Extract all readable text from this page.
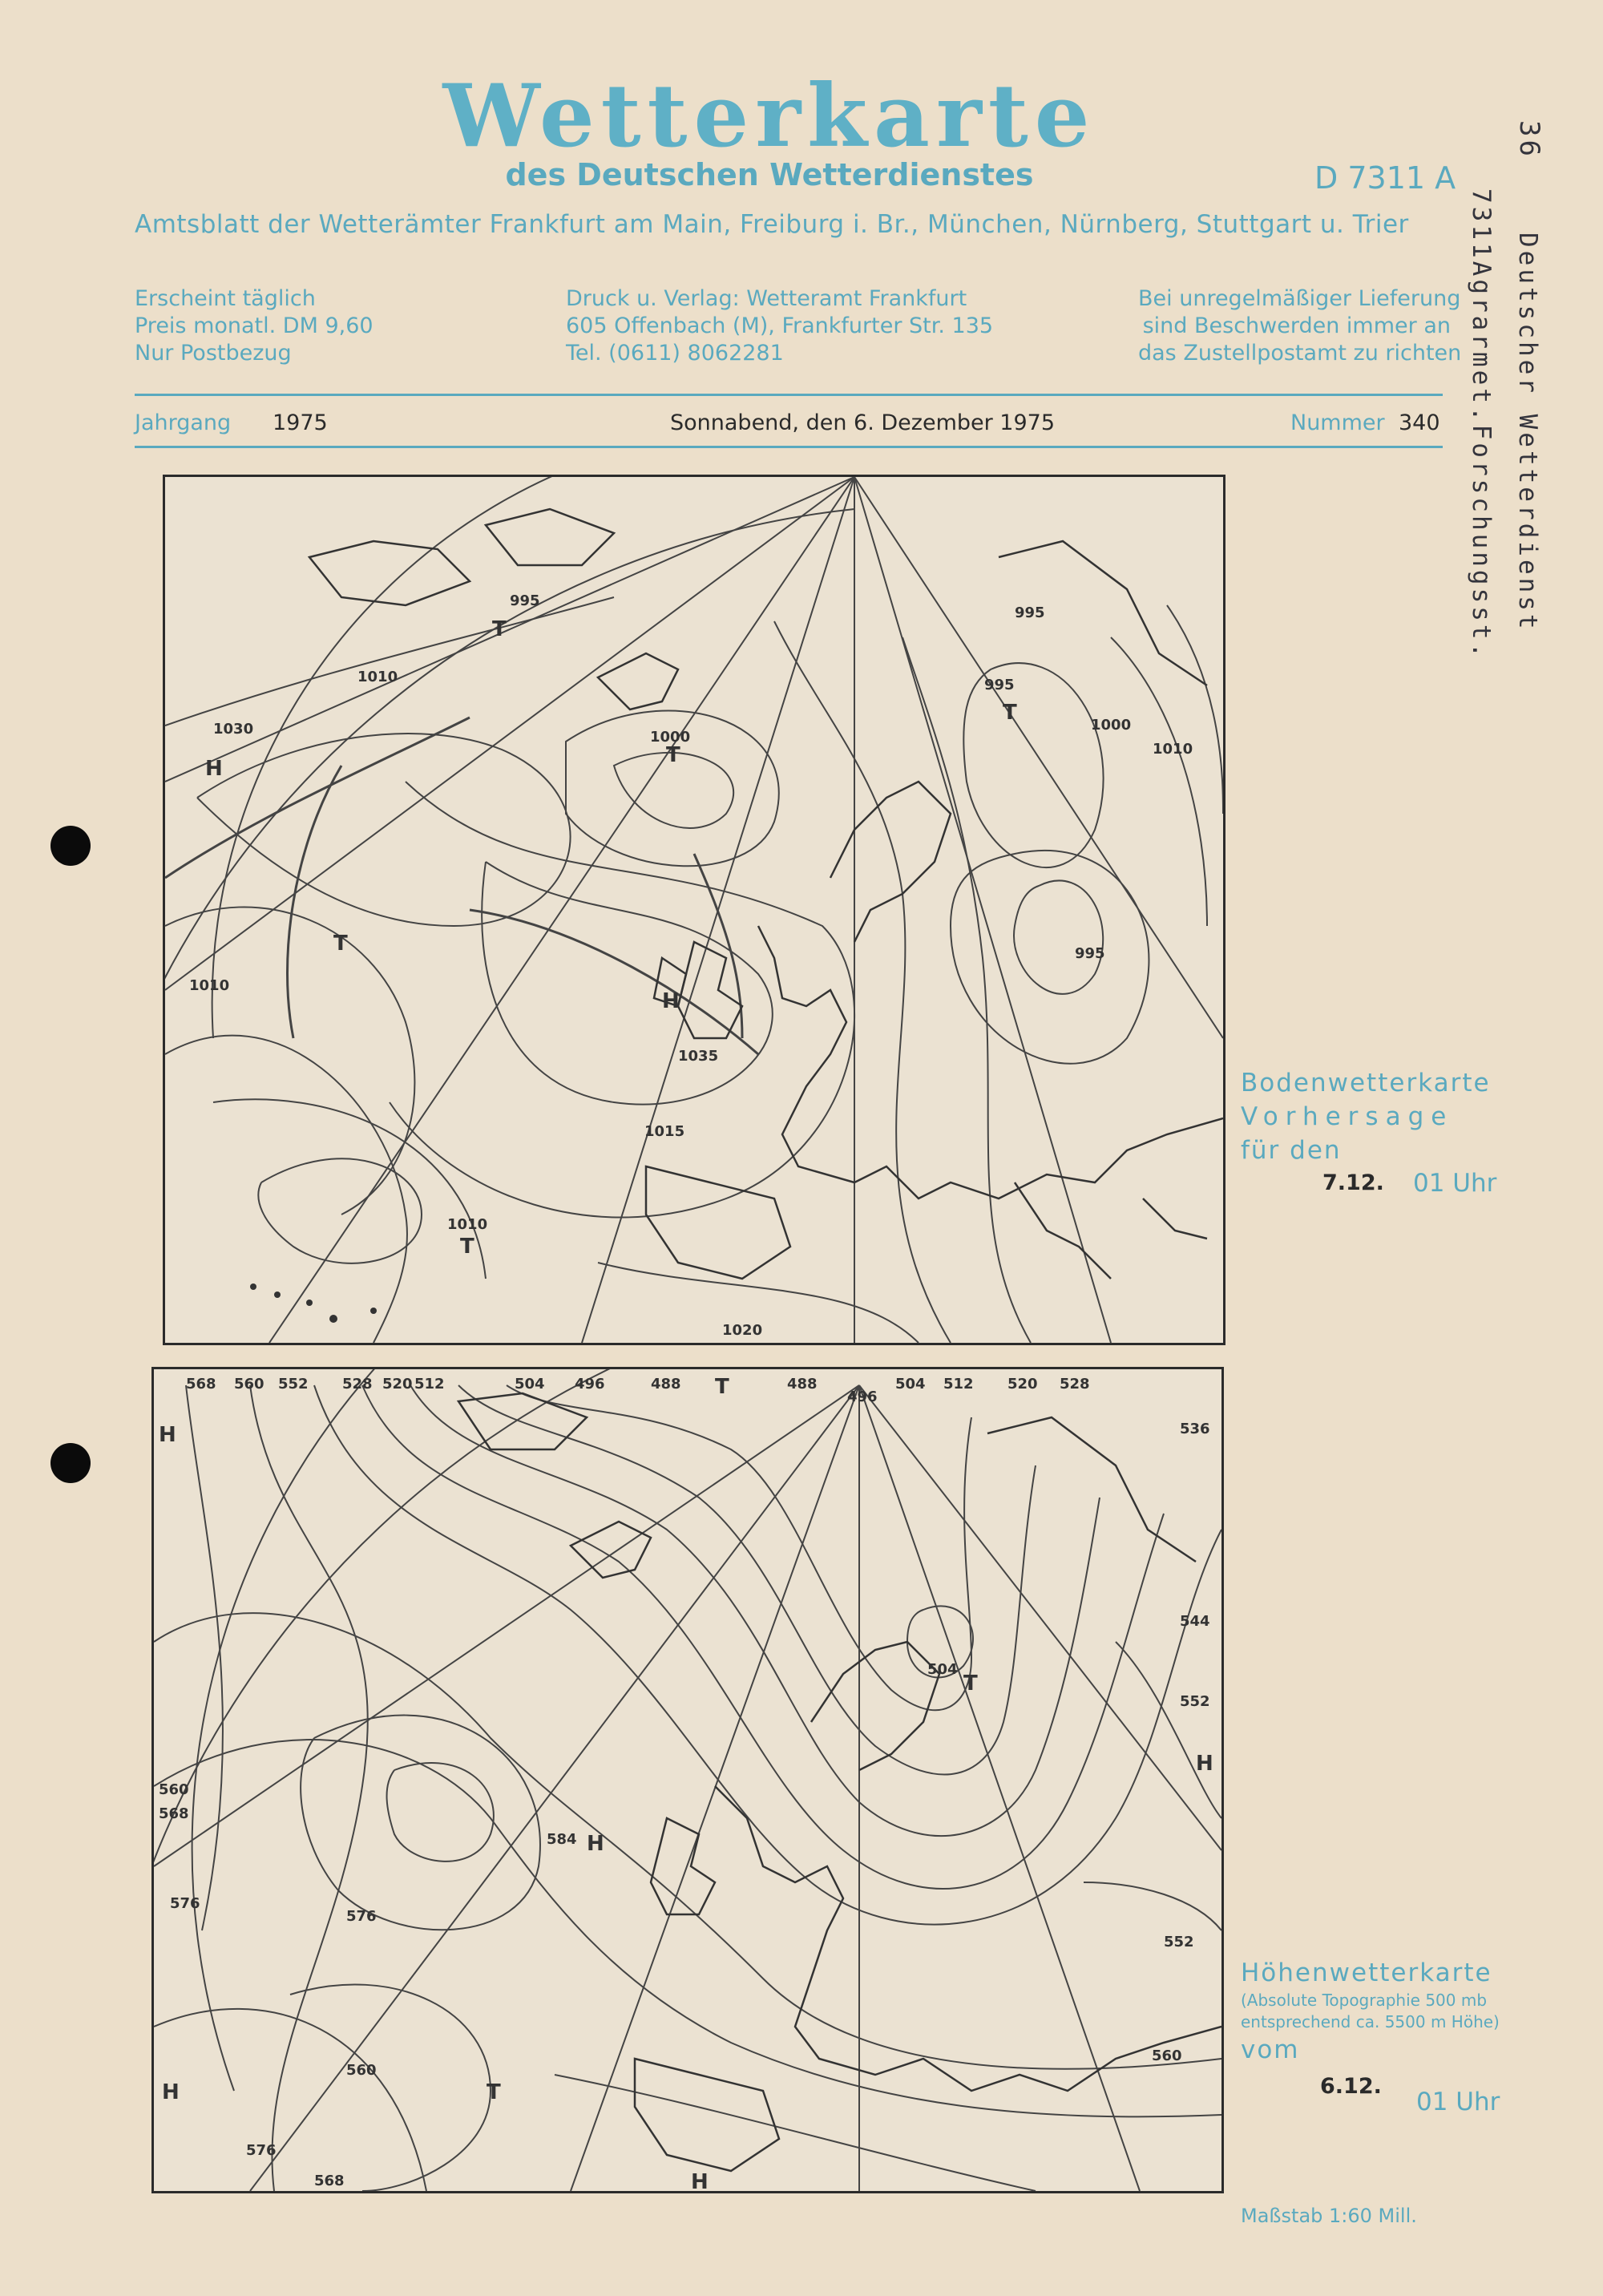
Wetterkarte
des Deutschen Wetterdienstes	D 7311 A
Amtsblatt der Wetterämter Frankfurt am Main, Freiburg i. Br., München, Nürnberg, Stuttgart u. Trier
Erscheint täglich
Preis monatl. DM 9,60
Nur Postbezug
Druck u. Verlag: Wetteramt Frankfurt
605 Offenbach (M), Frankfurter Str. 135
Tel. (0611) 8062281
Bei unregelmäßiger Lieferung
sind Beschwerden immer an
das Zustellpostamt zu richten
Jahrgang 1975	Sonnabend, den 6. Dezember 1975	Nummer 340
36
7311Agrarmet.Forschungsst. Deutscher Wetterdienst
995
T
995
1010
1030
H
T
1010
1000
T
995
T
995
H
1035
1015
1010
T
1020
1000
1010
Bodenwetterkarte
Vorhersage
für den
7.12. 01 Uhr
568 560 552 528 520 512	504 496	488 T	488
496
504 512 520 528
536
H
544
552
H
504
T
584 H
560
568
576
576
H	T
560
568
576
H
552
560
Höhenwetterkarte
(Absolute Topographie 500 mb
entsprechend ca. 5500 m Höhe)
vom
6.12.
01 Uhr
Maßstab 1:60 Mill.
